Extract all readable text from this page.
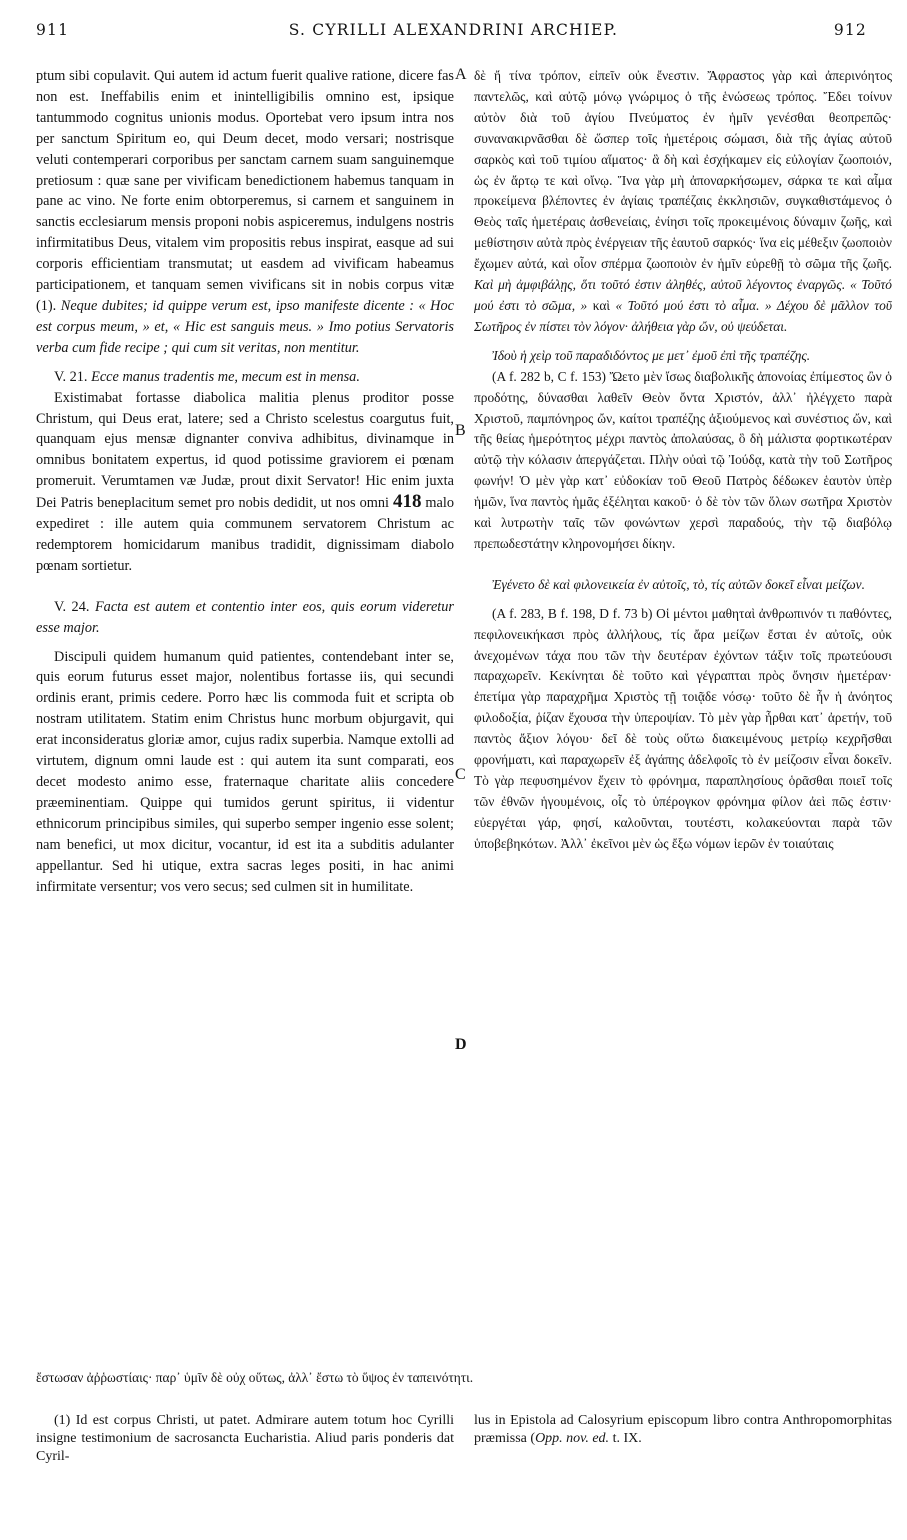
911	S. CYRILLI ALEXANDRINI ARCHIEP.	912
A
B
C
D

ptum sibi copulavit. Qui autem id actum fuerit qualive ratione, dicere fas non est. Ineffabilis enim et inintelligibilis omnino est, ipsique tantummodo cognitus unionis modus. Oportebat vero ipsum intra nos per sanctum Spiritum eo, qui Deum decet, modo versari; nostrisque veluti contemperari corporibus per sanctam carnem suam sanguinemque pretiosum : quæ sane per vivificam benedictionem habemus tanquam in pane ac vino. Ne forte enim obtorperemus, si carnem et sanguinem in sanctis ecclesiarum mensis proponi nobis aspiceremus, indulgens nostris infirmitatibus Deus, vitalem vim propositis rebus inspirat, easque ad sui corporis efficientiam transmutat; ut easdem ad vivificam habeamus participationem, et tanquam semen vivificans sit in nobis corpus vitæ (1). Neque dubites; id quippe verum est, ipso manifeste dicente : « Hoc est corpus meum, » et, « Hic est sanguis meus. » Imo potius Servatoris verba cum fide recipe ; qui cum sit veritas, non mentitur.

V. 21. Ecce manus tradentis me, mecum est in mensa.

Existimabat fortasse diabolica malitia plenus proditor posse Christum, qui Deus erat, latere; sed a Christo scelestus coargutus fuit, quanquam ejus mensæ dignanter conviva adhibitus, divinamque in omnibus bonitatem expertus, id quod potissime graviorem ei pœnam promeruit. Verumtamen væ Judæ, prout dixit Servator! Hic enim juxta Dei Patris beneplacitum semet pro nobis dedidit, ut nos omni 418 malo expediret : ille autem quia communem servatorem Christum ac redemptorem homicidarum manibus tradidit, dignissimam diabolo pœnam sortietur.

V. 24. Facta est autem et contentio inter eos, quis eorum videretur esse major.

Discipuli quidem humanum quid patientes, contendebant inter se, quis eorum futurus esset major, nolentibus fortasse iis, qui secundi ordinis erant, primis cedere. Porro hæc lis commoda fuit et scripta ob nostram utilitatem. Statim enim Christus hunc morbum objurgavit, qui erat inconsideratus gloriæ amor, cujus radix superbia. Namque extolli ad virtutem, dignum omni laude est : qui autem ita sunt comparati, eos decet modesto animo esse, fraternaque charitate aliis concedere præeminentiam. Quippe qui tumidos gerunt spiritus, ii videntur ethnicorum principibus similes, qui superbo semper ingenio esse solent; nam benefici, ut mox dicitur, vocantur, id est ita a subditis adulanter appellantur. Sed hi utique, extra sacras leges positi, in hac animi infirmitate versentur; vos vero secus; sed culmen sit in humilitate.

δὲ ἤ τίνα τρόπον, εἰπεῖν οὐκ ἔνεστιν. Ἄφραστος γὰρ καὶ ἀπερινόητος παντελῶς, καὶ αὐτῷ μόνῳ γνώριμος ὁ τῆς ἑνώσεως τρόπος. Ἔδει τοίνυν αὐτὸν διὰ τοῦ ἁγίου Πνεύματος ἐν ἡμῖν γενέσθαι θεοπρεπῶς· συνανακιρνᾶσθαι δὲ ὥσπερ τοῖς ἡμετέροις σώμασι, διὰ τῆς ἁγίας αὐτοῦ σαρκὸς καὶ τοῦ τιμίου αἵματος· ἃ δὴ καὶ ἐσχήκαμεν εἰς εὐλογίαν ζωοποιόν, ὡς ἐν ἄρτῳ τε καὶ οἴνῳ. Ἵνα γὰρ μὴ ἀποναρκήσωμεν, σάρκα τε καὶ αἷμα προκείμενα βλέποντες ἐν ἁγίαις τραπέζαις ἐκκλησιῶν, συγκαθιστάμενος ὁ Θεὸς ταῖς ἡμετέραις ἀσθενείαις, ἐνίησι τοῖς προκειμένοις δύναμιν ζωῆς, καὶ μεθίστησιν αὐτὰ πρὸς ἐνέργειαν τῆς ἑαυτοῦ σαρκός· ἵνα εἰς μέθεξιν ζωοποιὸν ἔχωμεν αὐτά, καὶ οἷον σπέρμα ζωοποιὸν ἐν ἡμῖν εὑρεθῇ τὸ σῶμα τῆς ζωῆς. Καὶ μὴ ἀμφιβάλῃς, ὅτι τοῦτό ἐστιν ἀληθές, αὐτοῦ λέγοντος ἐναργῶς. « Τοῦτό μού ἐστι τὸ σῶμα, » καὶ « Τοῦτό μού ἐστι τὸ αἷμα. » Δέχου δὲ μᾶλλον τοῦ Σωτῆρος ἐν πίστει τὸν λόγον· ἀλήθεια γὰρ ὤν, οὐ ψεύδεται.

Ἰδοὺ ἡ χεὶρ τοῦ παραδιδόντος με μετ᾽ ἐμοῦ ἐπὶ τῆς τραπέζης.

(A f. 282 b, C f. 153) Ὤετο μὲν ἴσως διαβολικῆς ἀπονοίας ἐπίμεστος ὢν ὁ προδότης, δύνασθαι λαθεῖν Θεὸν ὄντα Χριστόν, ἀλλ᾽ ἠλέγχετο παρὰ Χριστοῦ, παμπόνηρος ὤν, καίτοι τραπέζης ἀξιούμενος καὶ συνέστιος ὤν, καὶ τῆς θείας ἡμερότητος μέχρι παντὸς ἀπολαύσας, ὃ δὴ μάλιστα φορτικωτέραν αὐτῷ τὴν κόλασιν ἀπεργάζεται. Πλὴν οὐαὶ τῷ Ἰούδᾳ, κατὰ τὴν τοῦ Σωτῆρος φωνήν! Ὁ μὲν γὰρ κατ᾽ εὐδοκίαν τοῦ Θεοῦ Πατρὸς δέδωκεν ἑαυτὸν ὑπὲρ ἡμῶν, ἵνα παντὸς ἡμᾶς ἐξέληται κακοῦ· ὁ δὲ τὸν τῶν ὅλων σωτῆρα Χριστὸν καὶ λυτρωτὴν ταῖς τῶν φονώντων χερσὶ παραδούς, τὴν τῷ διαβόλῳ πρεπωδεστάτην κληρονομήσει δίκην.

Ἐγένετο δὲ καὶ φιλονεικεία ἐν αὐτοῖς, τὸ, τίς αὐτῶν δοκεῖ εἶναι μείζων.

(A f. 283, B f. 198, D f. 73 b) Οἱ μέντοι μαθηταὶ ἀνθρωπινόν τι παθόντες, πεφιλονεικήκασι πρὸς ἀλλήλους, τίς ἄρα μείζων ἔσται ἐν αὐτοῖς, οὐκ ἀνεχομένων τάχα που τῶν τὴν δευτέραν ἐχόντων τάξιν τοῖς πρωτεύουσι παραχωρεῖν. Κεκίνηται δὲ τοῦτο καὶ γέγραπται πρὸς ὄνησιν ἡμετέραν· ἐπετίμα γὰρ παραχρῆμα Χριστὸς τῇ τοιᾷδε νόσῳ· τοῦτο δὲ ἦν ἡ ἀνόητος φιλοδοξία, ῥίζαν ἔχουσα τὴν ὑπεροψίαν. Τὸ μὲν γὰρ ἦρθαι κατ᾽ ἀρετήν, τοῦ παντὸς ἄξιον λόγου· δεῖ δὲ τοὺς οὕτω διακειμένους μετρίῳ κεχρῆσθαι φρονήματι, καὶ παραχωρεῖν ἐξ ἀγάπης ἀδελφοῖς τὸ ἐν μείζοσιν εἶναι δοκεῖν. Τὸ γὰρ πεφυσημένον ἔχειν τὸ φρόνημα, παραπλησίους ὁρᾶσθαι ποιεῖ τοῖς τῶν ἐθνῶν ἡγουμένοις, οἷς τὸ ὑπέρογκον φρόνημα φίλον ἀεὶ πῶς ἐστιν· εὐεργέται γάρ, φησί, καλοῦνται, τουτέστι, κολακεύονται παρὰ τῶν ὑποβεβηκότων. Ἀλλ᾽ ἐκεῖνοι μὲν ὡς ἔξω νόμων ἱερῶν ἐν τοιαύταις

ἔστωσαν ἀῤῥωστίαις· παρ᾽ ὑμῖν δὲ οὐχ οὕτως, ἀλλ᾽ ἔστω τὸ ὕψος ἐν ταπεινότητι.
(1) Id est corpus Christi, ut patet. Admirare autem totum hoc Cyrilli insigne testimonium de sacrosancta Eucharistia. Aliud paris ponderis dat Cyril-
lus in Epistola ad Calosyrium episcopum libro contra Anthropomorphitas præmissa (Opp. nov. ed. t. IX.
